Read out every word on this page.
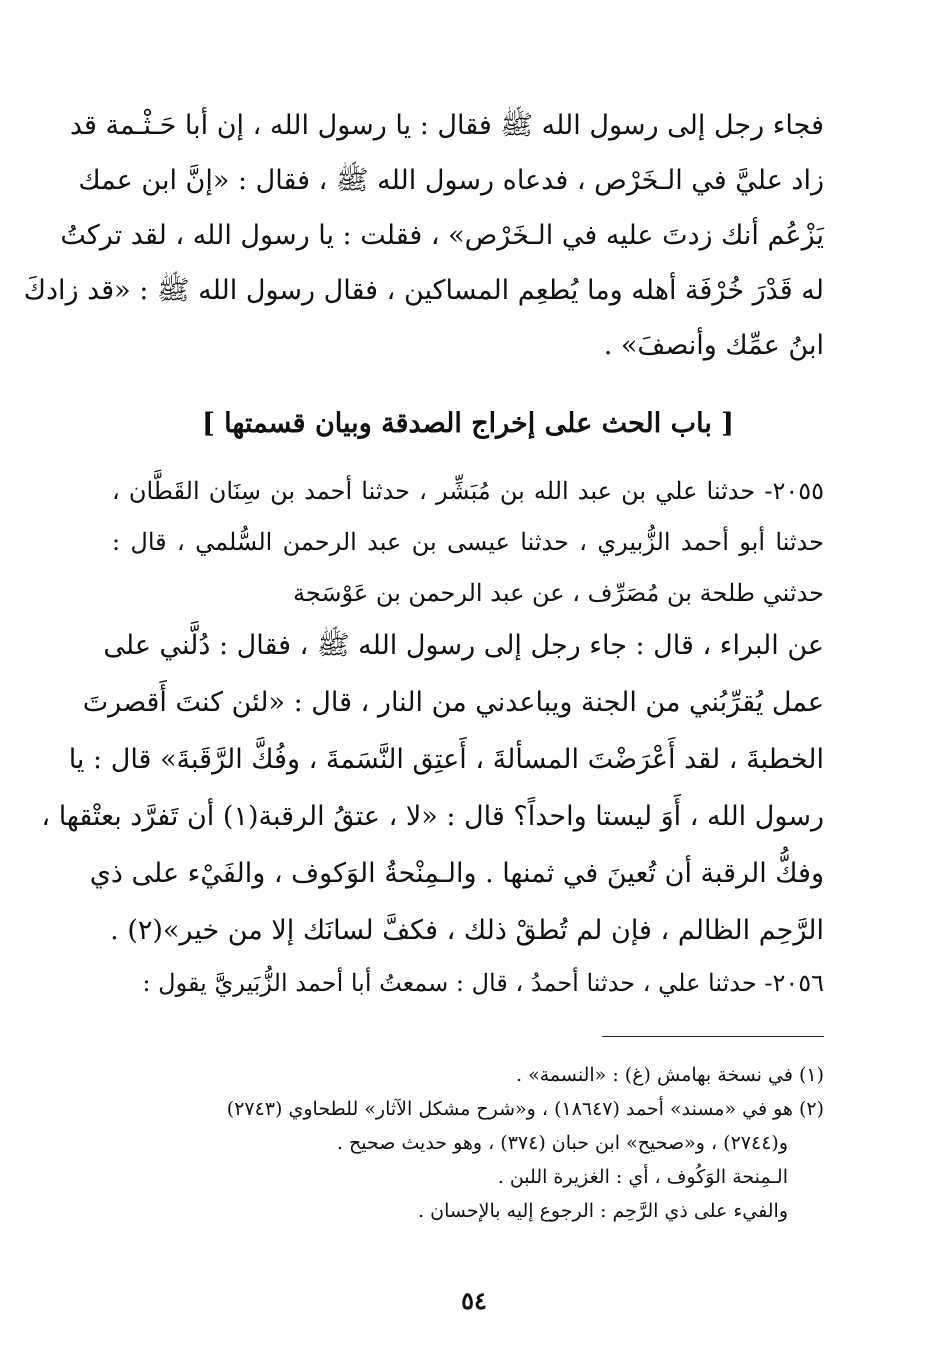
فجاء رجل إلى رسول الله ﷺ فقال : يا رسول الله ، إن أبا حَـثْـمة قد
زاد عليَّ في الـخَرْص ، فدعاه رسول الله ﷺ ، فقال : «إنَّ ابن عمك
يَزْعُم أنك زدتَ عليه في الـخَرْص» ، فقلت : يا رسول الله ، لقد تركتُ
له قَدْرَ خُرْفَة أهله وما يُطعِم المساكين ، فقال رسول الله ﷺ : «قد زادكَ
ابنُ عمِّك وأنصفَ» .
[ باب الحث على إخراج الصدقة وبيان قسمتها ]
٢٠٥٥- حدثنا علي بن عبد الله بن مُبَشِّر ، حدثنا أحمد بن سِنَان القَطَّان ،
حدثنا أبو أحمد الزُّبيري ، حدثنا عيسى بن عبد الرحمن السُّلمي ، قال :
حدثني طلحة بن مُصَرِّف ، عن عبد الرحمن بن عَوْسَجة
عن البراء ، قال : جاء رجل إلى رسول الله ﷺ ، فقال : دُلَّني على
عمل يُقرِّبُني من الجنة ويباعدني من النار ، قال : «لئن كنتَ أَقصرتَ
الخطبةَ ، لقد أَعْرَضْتَ المسألةَ ، أَعتِق النَّسَمةَ ، وفُكَّ الرَّقَبةَ» قال : يا
رسول الله ، أَوَ ليستا واحداً؟ قال : «لا ، عتقُ الرقبة(١) أن تَفرَّد بعتْقها ،
وفكُّ الرقبة أن تُعينَ في ثمنها . والـمِنْحةُ الوَكوف ، والفَيْء على ذي
الرَّحِم الظالم ، فإن لم تُطقْ ذلك ، فكفَّ لسانَك إلا من خير»(٢) .
٢٠٥٦- حدثنا علي ، حدثنا أحمدُ ، قال : سمعتُ أبا أحمد الزُّبَيريَّ يقول :
(١) في نسخة بهامش (غ) : «النسمة» .
(٢) هو في «مسند» أحمد (١٨٦٤٧) ، و«شرح مشكل الآثار» للطحاوي (٢٧٤٣)
و(٢٧٤٤) ، و«صحيح» ابن حبان (٣٧٤) ، وهو حديث صحيح .
الـمِنحة الوَكُوف ، أي : الغزيرة اللبن .
والفيء على ذي الرَّحِم : الرجوع إليه بالإحسان .
٥٤
